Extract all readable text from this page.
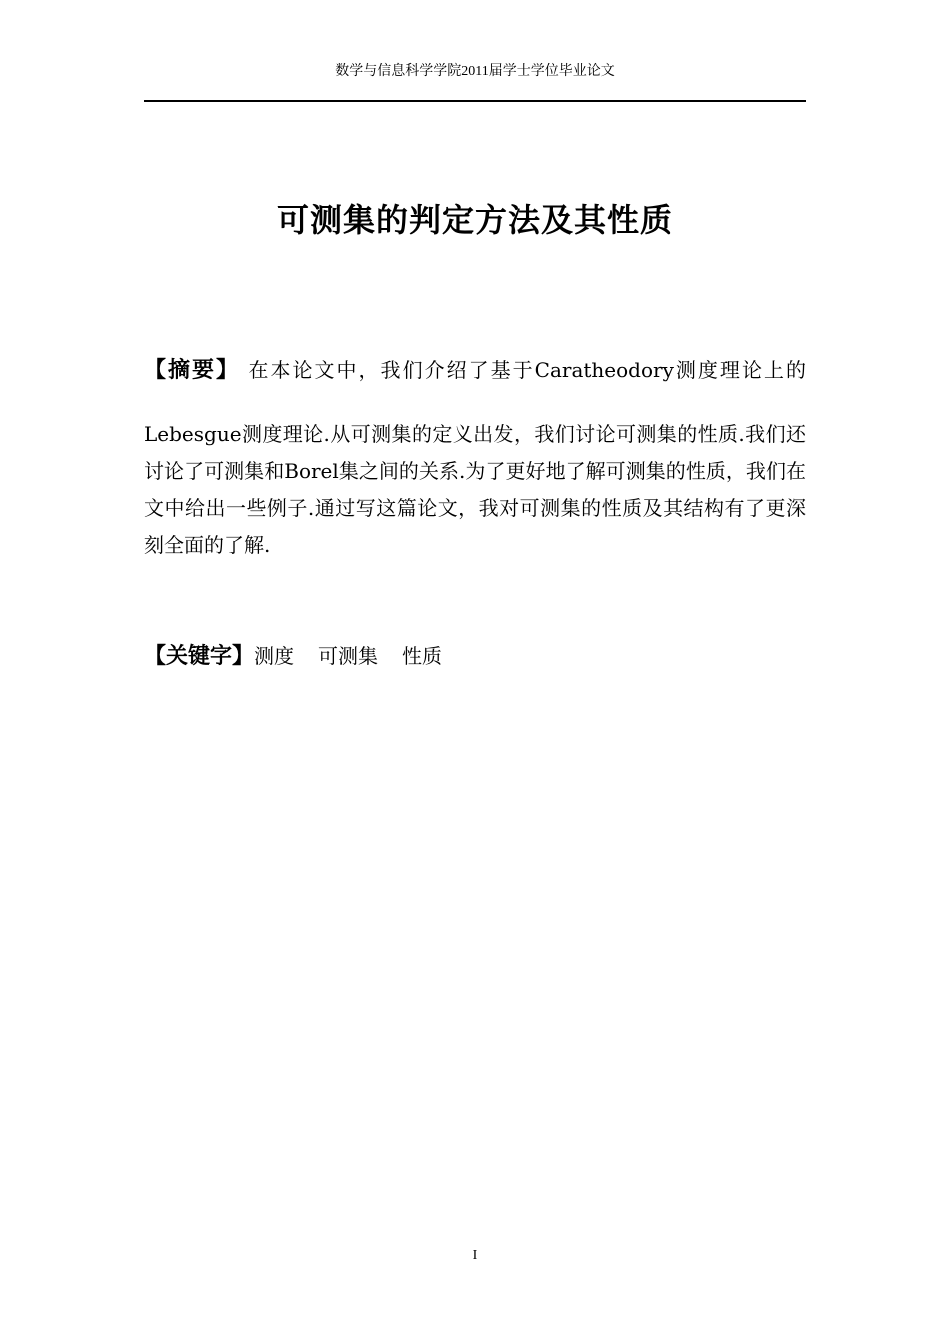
数学与信息科学学院2011届学士学位毕业论文
可测集的判定方法及其性质
【摘要】 在本论文中，我们介绍了基于Caratheodory测度理论上的
Lebesgue测度理论.从可测集的定义出发，我们讨论可测集的性质.我们还讨论了可测集和Borel集之间的关系.为了更好地了解可测集的性质，我们在文中给出一些例子.通过写这篇论文，我对可测集的性质及其结构有了更深刻全面的了解.
【关键字】测度 可测集 性质
I
